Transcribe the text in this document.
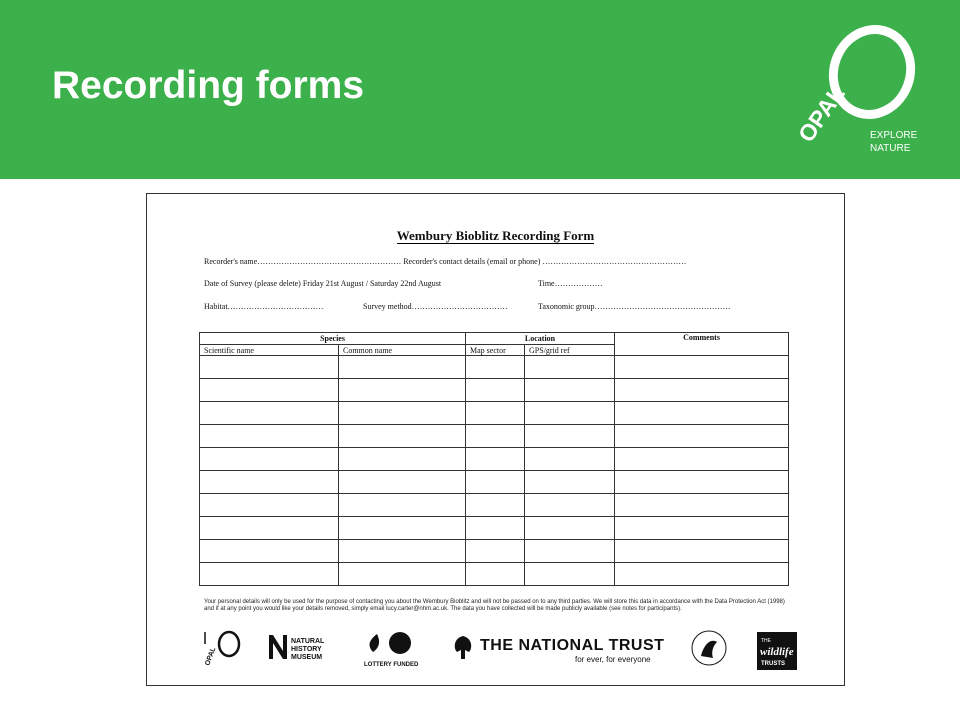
Recording forms	OPAL EXPLORE
NATURE
Wembury Bioblitz Recording Form
Recorder's name……………………………………………… Recorder's contact details (email or phone) ………………………………………………
Date of Survey (please delete) Friday 21st August / Saturday 22nd August	Time………………
Habitat………………………………	Survey method………………………………	Taxonomic group……………………………………………
Species		Location		Comments
Scientific name	Common name	Map sector	GPS/grid ref	

Your personal details will only be used for the purpose of contacting you about the Wembury Bioblitz and will not be passed on to any third parties. We will store this data in accordance with the Data Protection Act (1998) and if at any point you would like your details removed, simply email lucy.carter@nhm.ac.uk. The data you have collected will be made publicly available (see notes for participants).
OPAL
NATURAL
HISTORY
MUSEUM
LOTTERY FUNDED
THE NATIONAL TRUST
for ever, for everyone
THE
wildlife
TRUSTS
